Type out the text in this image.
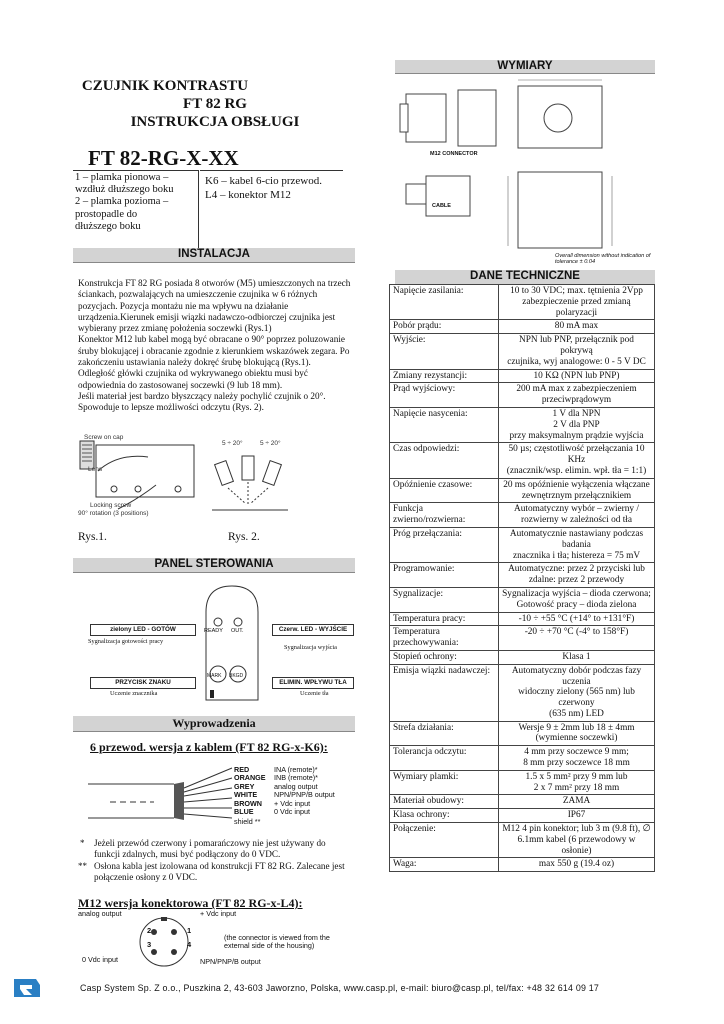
CZUJNIK KONTRASTU
FT 82 RG
INSTRUKCJA OBSŁUGI
FT 82-RG-X-XX
1 – plamka pionowa –
wzdłuż dłuższego boku
2 – plamka pozioma –
prostopadle do
dłuższego boku
K6 – kabel 6-cio przewod.
L4 – konektor M12
INSTALACJA
Konstrukcja FT 82 RG posiada 8 otworów (M5) umieszczonych na trzech ściankach, pozwalających na umieszczenie czujnika w 6 różnych pozycjach. Pozycja montażu nie ma wpływu na działanie urządzenia.Kierunek emisji wiązki nadawczo-odbiorczej czujnika jest wybierany przez zmianę położenia soczewki (Rys.1)
Konektor M12 lub kabel mogą być obracane o 90° poprzez poluzowanie śruby blokującej i obracanie zgodnie z kierunkiem wskazówek zegara. Po zakończeniu ustawiania należy dokręć śrubę blokującą (Rys.1).
Odległość główki czujnika od wykrywanego obiektu musi być odpowiednia do zastosowanej soczewki (9 lub 18 mm).
Jeśli materiał jest bardzo błyszczący należy pochylić czujnik o 20°. Spowoduje to lepsze możliwości odczytu (Rys. 2).
Screw on cap
Lens
Locking screw
90° rotation (3 positions)
5 ÷ 20°	5 ÷ 20°
Rys.1.	Rys. 2.
PANEL STEROWANIA
READY OUT.
MARK BKGD
zielony LED - GOTÓW
Sygnalizacja gotowości pracy
Czerw. LED - WYJŚCIE
Sygnalizacja wyjścia
PRZYCISK ZNAKU
Uczenie znacznika
ELIMIN. WPŁYWU TŁA
Uczenie tła
Wyprowadzenia
6 przewod. wersja z kablem (FT 82 RG-x-K6):
RED
ORANGE
GREY
WHITE
BROWN
BLUE
INA (remote)*
INB (remote)*
analog output
NPN/PNP/B output
+ Vdc input
0 Vdc input
shield **
* Jeżeli przewód czerwony i pomarańczowy nie jest używany do funkcji zdalnych, musi być podłączony do 0 VDC.
** Osłona kabla jest izolowana od konstrukcji FT 82 RG. Zalecane jest połączenie osłony z 0 VDC.
M12 wersja konektorowa (FT 82 RG-x-L4):
2	1
3	4
analog output	+ Vdc input
0 Vdc input	NPN/PNP/B output
(the connector is viewed from the external side of the housing)
WYMIARY
M12 CONNECTOR
CABLE
Overall dimension without indication of tolerance ± 0.04
DANE TECHNICZNE
Napięcie zasilania:	10 to 30 VDC; max. tętnienia 2Vpp
zabezpieczenie przed zmianą polaryzacji

Pobór prądu:	80 mA max

Wyjście:	NPN lub PNP, przełącznik pod pokrywą
czujnika, wyj analogowe: 0 - 5 V DC

Zmiany rezystancji:	10 KΩ (NPN lub PNP)

Prąd wyjściowy:	200 mA max z zabezpieczeniem
przeciwprądowym

Napięcie nasycenia:	1 V dla NPN
2 V dla PNP
przy maksymalnym prądzie wyjścia

Czas odpowiedzi:	50 µs; częstotliwość przełączania 10 KHz
(znacznik/wsp. elimin. wpł. tła = 1:1)

Opóźnienie czasowe:	20 ms opóźnienie wyłączenia włączane
zewnętrznym przełącznikiem

Funkcja zwierno/rozwierna:	Automatyczny wybór – zwierny /
rozwierny w zależności od tła

Próg przełączania:	Automatycznie nastawiany podczas badania
znacznika i tła; histereza = 75 mV

Programowanie:	Automatyczne: przez 2 przyciski lub
zdalne: przez 2 przewody

Sygnalizacje:	Sygnalizacja wyjścia – dioda czerwona;
Gotowość pracy – dioda zielona

Temperatura pracy:	-10 ÷ +55 °C (+14° to +131°F)

Temperatura przechowywania:	-20 ÷ +70 °C (-4° to 158°F)

Stopień ochrony:	Klasa 1

Emisja wiązki nadawczej:	Automatyczny dobór podczas fazy uczenia
widoczny zielony (565 nm) lub czerwony
(635 nm) LED

Strefa działania:	Wersje 9 ± 2mm lub 18 ± 4mm
(wymienne soczewki)

Tolerancja odczytu:	4 mm przy soczewce 9 mm;
8 mm przy soczewce 18 mm

Wymiary plamki:	1.5 x 5 mm² przy 9 mm lub
2 x 7 mm² przy 18 mm

Materiał obudowy:	ZAMA

Klasa ochrony:	IP67

Połączenie:	M12 4 pin konektor; lub 3 m (9.8 ft), ∅
6.1mm kabel (6 przewodowy w osłonie)

Waga:	max 550 g (19.4 oz)
Casp System Sp. Z o.o., Puszkina 2, 43-603 Jaworzno, Polska, www.casp.pl, e-mail: biuro@casp.pl, tel/fax: +48 32 614 09 17
